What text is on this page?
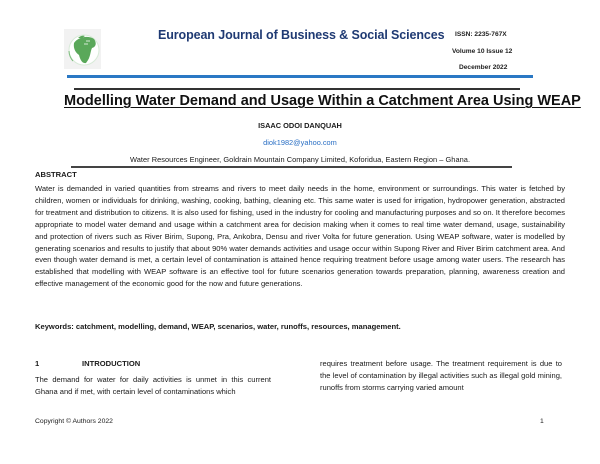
European Journal of Business & Social Sciences ISSN: 2235-767X
Volume 10 Issue 12
December 2022
Modelling Water Demand and Usage Within a Catchment Area Using WEAP
ISAAC ODOI DANQUAH
diok1982@yahoo.com
Water Resources Engineer, Goldrain Mountain Company Limited, Koforidua, Eastern Region – Ghana.
ABSTRACT
Water is demanded in varied quantities from streams and rivers to meet daily needs in the home, environment or surroundings. This water is fetched by children, women or individuals for drinking, washing, cooking, bathing, cleaning etc. This same water is used for irrigation, hydropower generation, abstracted for treatment and distribution to citizens. It is also used for fishing, used in the industry for cooling and manufacturing purposes and so on. It therefore becomes appropriate to model water demand and usage within a catchment area for decision making when it comes to real time water demand, usage, sustainability and protection of rivers such as River Birim, Supong, Pra, Ankobra, Densu and river Volta for future generation. Using WEAP software, water is modelled by generating scenarios and results to justify that about 90% water demands activities and usage occur within Supong River and River Birim catchment area. And even though water demand is met, a certain level of contamination is attained hence requiring treatment before usage among water users. The research has established that modelling with WEAP software is an effective tool for future scenarios generation towards preparation, planning, awareness creation and effective management of the economic good for the now and future generations.
Keywords: catchment, modelling, demand, WEAP, scenarios, water, runoffs, resources, management.
1	INTRODUCTION
The demand for water for daily activities is unmet in this current Ghana and if met, with certain level of contaminations which
requires treatment before usage. The treatment requirement is due to the level of contamination by illegal activities such as illegal gold mining, runoffs from storms carrying varied amount
Copyright © Authors 2022	1
